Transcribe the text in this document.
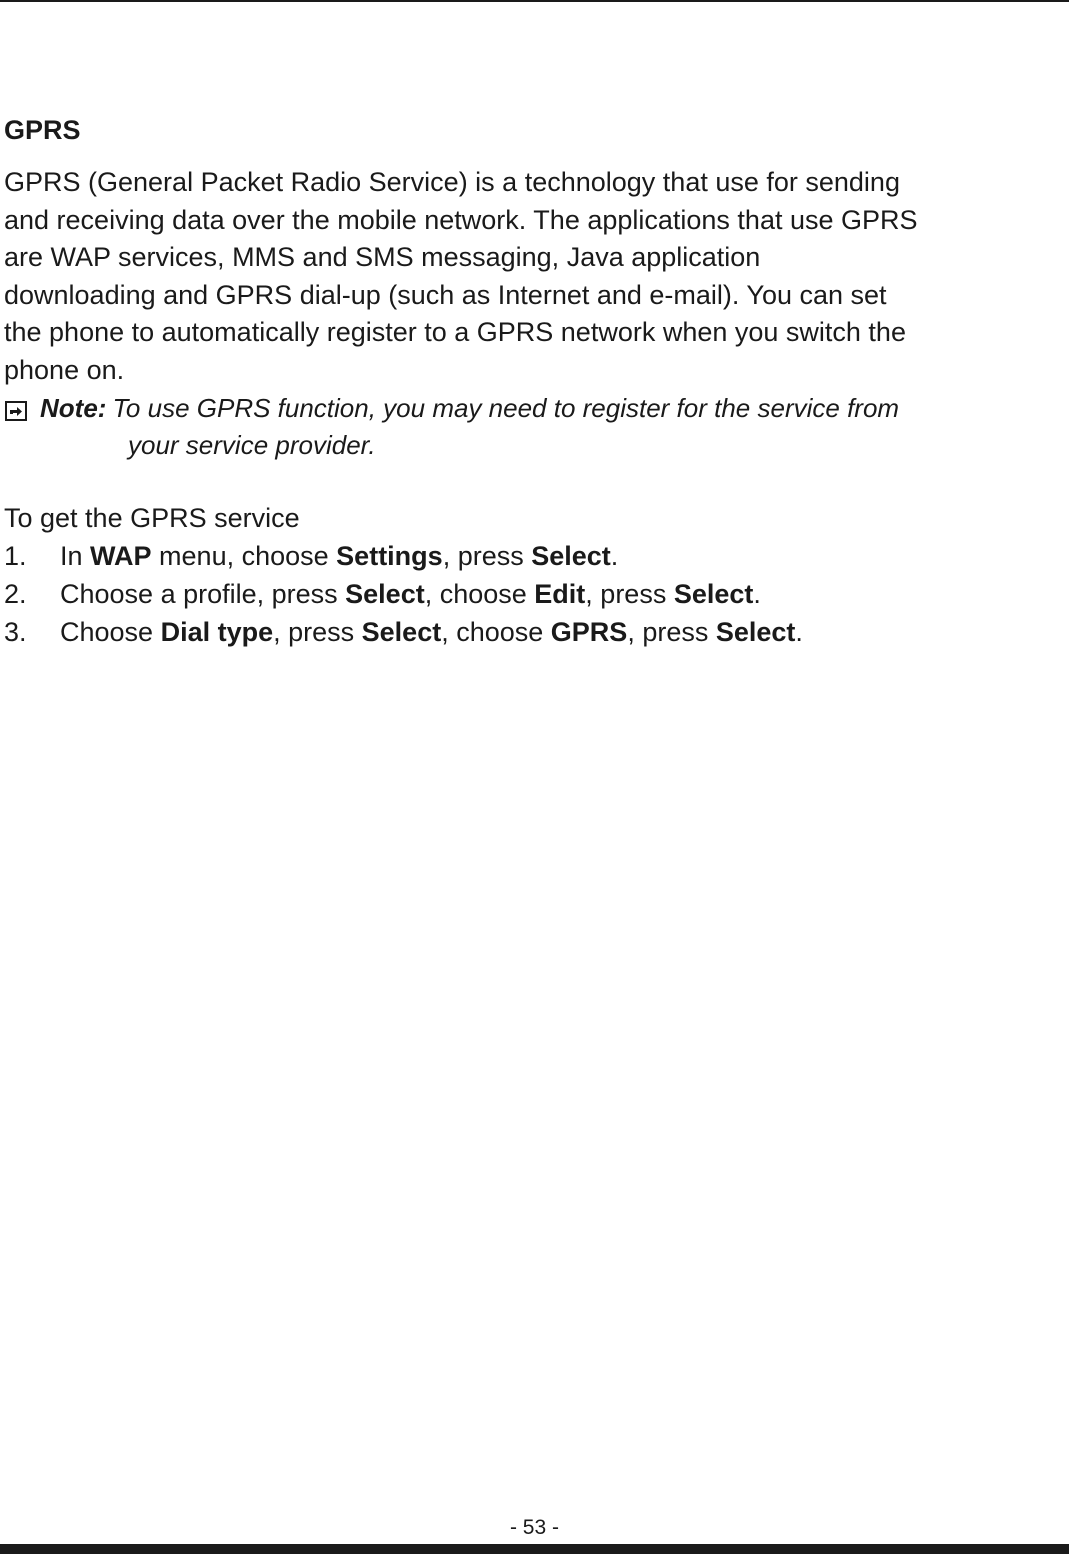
GPRS

GPRS (General Packet Radio Service) is a technology that use for sending

and receiving data over the mobile network. The applications that use GPRS

are WAP services, MMS and SMS messaging, Java application

downloading and GPRS dial-up (such as Internet and e-mail). You can set

the phone to automatically register to a GPRS network when you switch the

phone on.

Note: To use GPRS function, you may need to register for the service from
your service provider.

To get the GPRS service

1.	In WAP menu, choose Settings, press Select.
2.	Choose a profile, press Select, choose Edit, press Select.
3.	Choose Dial type, press Select, choose GPRS, press Select.
- 53 -
